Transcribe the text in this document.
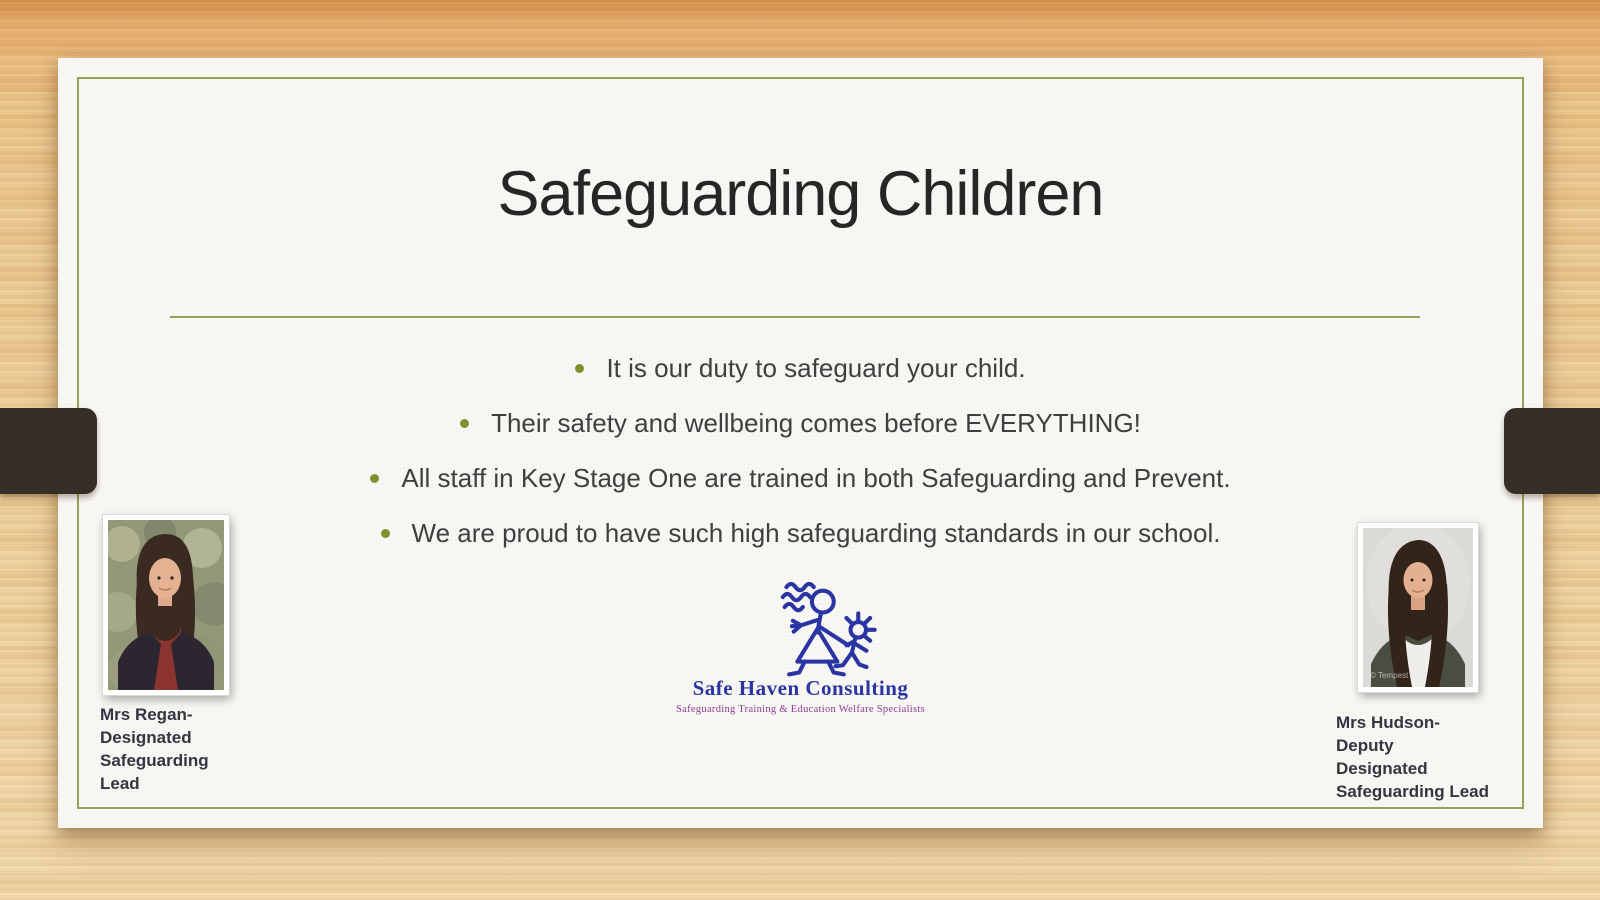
Safeguarding Children
It is our duty to safeguard your child.
Their safety and wellbeing comes before EVERYTHING!
All staff in Key Stage One are trained in both Safeguarding and Prevent.
We are proud to have such high safeguarding standards in our school.
Safe Haven Consulting
Safeguarding Training & Education Welfare Specialists
Mrs Regan-
Designated
Safeguarding
Lead
© Tempest
Mrs Hudson-
Deputy
Designated
Safeguarding Lead
